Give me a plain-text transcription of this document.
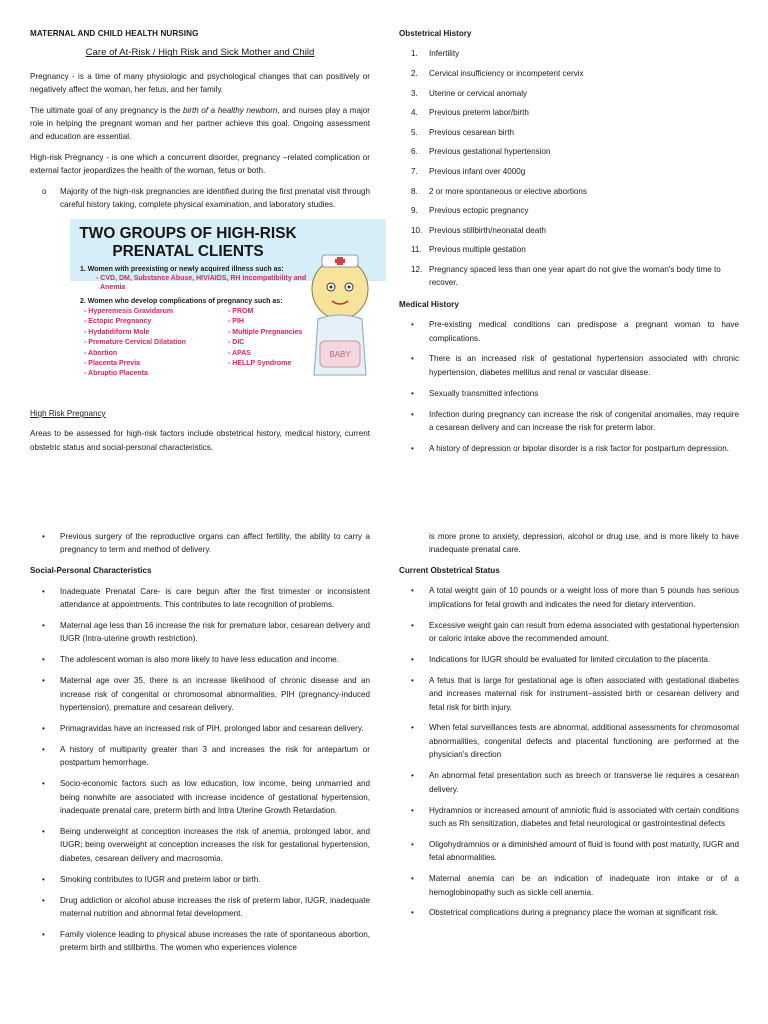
MATERNAL AND CHILD HEALTH NURSING
Care of At-Risk / High Risk and Sick Mother and Child

Pregnancy - is a time of many physiologic and psychological changes that can positively or negatively affect the woman, her fetus, and her family.

The ultimate goal of any pregnancy is the birth of a healthy newborn, and nurses play a major role in helping the pregnant woman and her partner achieve this goal. Ongoing assessment and education are essential.

High-risk Pregnancy - is one which a concurrent disorder, pregnancy –related complication or external factor jeopardizes the health of the woman, fetus or both.

o Majority of the high-risk pregnancies are identified during the first prenatal visit through careful history taking, complete physical examination, and laboratory studies.
TWO GROUPS OF HIGH-RISK
PRENATAL CLIENTS
1. Women with preexisting or newly acquired illness such as:
- CVD, DM, Substance Abuse, HIV/AIDS, RH Incompatibility and
Anemia
2. Women who develop complications of pregnancy such as:
- Hyperemesis Gravidarum
- Ectopic Pregnancy
- Hydatidiform Mole
- Premature Cervical Dilatation
- Abortion
- Placenta Previa
- Abruptio Placenta
- PROM
- PIH
- Multiple Pregnancies
- DIC
- APAS
- HELLP Syndrome
BABY
High Risk Pregnancy

Areas to be assessed for high-risk factors include obstetrical history, medical history, current obstetric status and social-personal characteristics.

Obstetrical History
1.	Infertility
2.	Cervical insufficiency or incompetent cervix
3.	Uterine or cervical anomaly
4.	Previous preterm labor/birth
5.	Previous cesarean birth
6.	Previous gestational hypertension
7.	Previous infant over 4000g
8.	2 or more spontaneous or elective abortions
9.	Previous ectopic pregnancy
10. Previous stillbirth/neonatal death
11. Previous multiple gestation
12. Pregnancy spaced less than one year apart do not give the woman's body time to recover.
Medical History
• Pre-existing medical conditions can predispose a pregnant woman to have complications.
• There is an increased risk of gestational hypertension associated with chronic hypertension, diabetes mellitus and renal or vascular disease.
• Sexually transmitted infections
• Infection during pregnancy can increase the risk of congenital anomalies, may require a cesarean delivery and can increase the risk for preterm labor.
• A history of depression or bipolar disorder is a risk factor for postpartum depression.
• Previous surgery of the reproductive organs can affect fertility, the ability to carry a pregnancy to term and method of delivery.
Social-Personal Characteristics
• Inadequate Prenatal Care- is care begun after the first trimester or inconsistent attendance at appointments. This contributes to late recognition of problems.
• Maternal age less than 16 increase the risk for premature labor, cesarean delivery and IUGR (Intra-uterine growth restriction).
• The adolescent woman is also more likely to have less education and income.
• Maternal age over 35, there is an increase likelihood of chronic disease and an increase risk of congenital or chromosomal abnormalities, PIH (pregnancy-induced hypertension), premature and cesarean delivery.
• Primagravidas have an increased risk of PIH, prolonged labor and cesarean delivery.
• A history of multiparity greater than 3 and increases the risk for antepartum or postpartum hemorrhage.
• Socio-economic factors such as low education, low income, being unmarried and being nonwhite are associated with increase incidence of gestational hypertension, inadequate prenatal care, preterm birth and Intra Uterine Growth Retardation.
• Being underweight at conception increases the risk of anemia, prolonged labor, and IUGR; being overweight at conception increases the risk for gestational hypertension, diabetes, cesarean delivery and macrosomia.
• Smoking contributes to IUGR and preterm labor or birth.
• Drug addiction or alcohol abuse increases the risk of preterm labor, IUGR, inadequate maternal nutrition and abnormal fetal development.
• Family violence leading to physical abuse increases the rate of spontaneous abortion, preterm birth and stillbirths. The women who experiences violence

is more prone to anxiety, depression, alcohol or drug use, and is more likely to have inadequate prenatal care.

Current Obstetrical Status
• A total weight gain of 10 pounds or a weight loss of more than 5 pounds has serious implications for fetal growth and indicates the need for dietary intervention.
• Excessive weight gain can result from edema associated with gestational hypertension or caloric intake above the recommended amount.
• Indications for IUGR should be evaluated for limited circulation to the placenta.
• A fetus that is large for gestational age is often associated with gestational diabetes and increases maternal risk for instrument–assisted birth or cesarean delivery and fetal risk for birth injury.
• When fetal surveillances tests are abnormal, additional assessments for chromosomal abnormalities, congenital defects and placental functioning are performed at the physician's direction
• An abnormal fetal presentation such as breech or transverse lie requires a cesarean delivery.
• Hydramnios or increased amount of amniotic fluid is associated with certain conditions such as Rh sensitization, diabetes and fetal neurological or gastrointestinal defects
• Oligohydramnios or a diminished amount of fluid is found with post maturity, IUGR and fetal abnormalities.
• Maternal anemia can be an indication of inadequate iron intake or of a hemoglobinopathy such as sickle cell anemia.
• Obstetrical complications during a pregnancy place the woman at significant risk.
